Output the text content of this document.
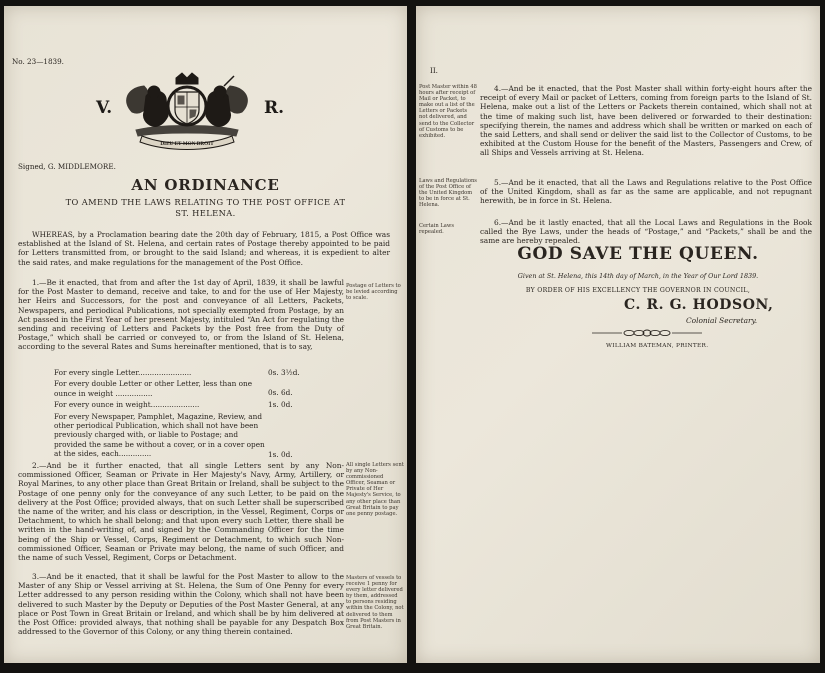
No. 23—1839.
V.	R.
DIEU ET MON DROIT
Signed, G. MIDDLEMORE.
AN ORDINANCE
TO AMEND THE LAWS RELATING TO THE POST OFFICE AT
ST. HELENA.
WHEREAS, by a Proclamation bearing date the 20th day of February, 1815, a Post Office was established at the Island of St. Helena, and certain rates of Postage thereby appointed to be paid for Letters transmitted from, or brought to the said Island; and whereas, it is expedient to alter the said rates, and make regulations for the management of the Post Office.
1.—Be it enacted, that from and after the 1st day of April, 1839, it shall be lawful for the Post Master to demand, receive and take, to and for the use of Her Majesty, her Heirs and Successors, for the post and conveyance of all Letters, Packets, Newspapers, and periodical Publications, not specially exempted from Postage, by an Act passed in the First Year of her present Majesty, intituled “An Act for regulating the sending and receiving of Letters and Packets by the Post free from the Duty of Postage,” which shall be carried or conveyed to, or from the Island of St. Helena, according to the several Rates and Sums hereinafter mentioned, that is to say,
Postage of Letters to be levied according to scale.
For every single Letter.......................	0s. 3½d.
For every double Letter or other Letter, less than one ounce in weight ................	0s. 6d.
For every ounce in weight.....................	1s. 0d.
For every Newspaper, Pamphlet, Magazine, Review, and other periodical Publication, which shall not have been previously charged with, or liable to Postage; and provided the same be without a cover, or in a cover open at the sides, each..............	1s. 0d.
2.—And be it further enacted, that all single Letters sent by any Non-commissioned Officer, Seaman or Private in Her Majesty's Navy, Army, Artillery, or Royal Marines, to any other place than Great Britain or Ireland, shall be subject to the Postage of one penny only for the conveyance of any such Letter, to be paid on the delivery at the Post Office; provided always, that on such Letter shall be superscribed the name of the writer, and his class or description, in the Vessel, Regiment, Corps or Detachment, to which he shall belong; and that upon every such Letter, there shall be written in the hand-writing of, and signed by the Commanding Officer for the time being of the Ship or Vessel, Corps, Regiment or Detachment, to which such Non-commissioned Officer, Seaman or Private may belong, the name of such Officer, and the name of such Vessel, Regiment, Corps or Detachment.
All single Letters sent by any Non-commissioned Officer, Seaman or Private of Her Majesty's Service, to any other place than Great Britain to pay one penny postage.
3.—And be it enacted, that it shall be lawful for the Post Master to allow to the Master of any Ship or Vessel arriving at St. Helena, the Sum of One Penny for every Letter addressed to any person residing within the Colony, which shall not have been delivered to such Master by the Deputy or Deputies of the Post Master General, at any place or Post Town in Great Britain or Ireland, and which shall be by him delivered at the Post Office: provided always, that nothing shall be payable for any Despatch Box addressed to the Governor of this Colony, or any thing therein contained.
Masters of vessels to receive 1 penny for every letter delivered by them, addressed to persons residing within the Colony, not delivered to them from Post Masters in Great Britain.
II.
Post Master within 48 hours after receipt of Mail or Packet, to make out a list of the Letters or Packets not delivered, and send to the Collector of Customs to be exhibited.
4.—And be it enacted, that the Post Master shall within forty-eight hours after the receipt of every Mail or packet of Letters, coming from foreign parts to the Island of St. Helena, make out a list of the Letters or Packets therein contained, which shall not at the time of making such list, have been delivered or forwarded to their destination: specifying therein, the names and address which shall be written or marked on each of the said Letters, and shall send or deliver the said list to the Collector of Customs, to be exhibited at the Custom House for the benefit of the Masters, Passengers and Crew, of all Ships and Vessels arriving at St. Helena.
Laws and Regulations of the Post Office of the United Kingdom to be in force at St. Helena.
5.—And be it enacted, that all the Laws and Regulations relative to the Post Office of the United Kingdom, shall as far as the same are applicable, and not repugnant herewith, be in force in St. Helena.
Certain Laws repealed.
6.—And be it lastly enacted, that all the Local Laws and Regulations in the Book called the Bye Laws, under the heads of “Postage,” and “Packets,” shall be and the same are hereby repealed.
GOD SAVE THE QUEEN.
Given at St. Helena, this 14th day of March, in the Year of Our Lord 1839.
BY ORDER OF HIS EXCELLENCY THE GOVERNOR IN COUNCIL,
C. R. G. HODSON,
Colonial Secretary.
WILLIAM BATEMAN, PRINTER.
